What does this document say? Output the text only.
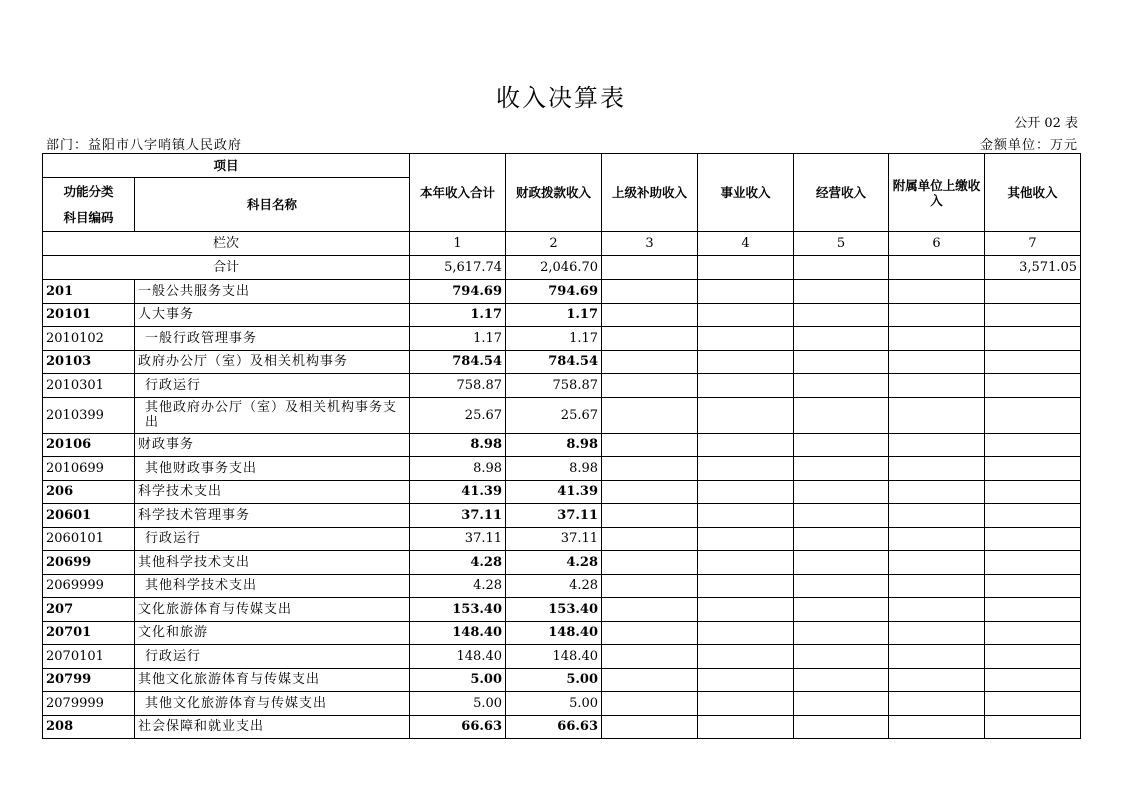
收入决算表
公开 02 表
部门：益阳市八字哨镇人民政府	金额单位：万元
项目		本年收入合计	财政拨款收入	上级补助收入	事业收入	经营收入	附属单位上缴收入	其他收入
功能分类
科目编码	科目名称							
栏次		1	2	3	4	5	6	7
合计		5,617.74	2,046.70					3,571.05
201	一般公共服务支出	794.69	794.69					
20101	人大事务	1.17	1.17					
2010102	一般行政管理事务	1.17	1.17					
20103	政府办公厅（室）及相关机构事务	784.54	784.54					
2010301	行政运行	758.87	758.87					
2010399	其他政府办公厅（室）及相关机构事务支出	25.67	25.67					
20106	财政事务	8.98	8.98					
2010699	其他财政事务支出	8.98	8.98					
206	科学技术支出	41.39	41.39					
20601	科学技术管理事务	37.11	37.11					
2060101	行政运行	37.11	37.11					
20699	其他科学技术支出	4.28	4.28					
2069999	其他科学技术支出	4.28	4.28					
207	文化旅游体育与传媒支出	153.40	153.40					
20701	文化和旅游	148.40	148.40					
2070101	行政运行	148.40	148.40					
20799	其他文化旅游体育与传媒支出	5.00	5.00					
2079999	其他文化旅游体育与传媒支出	5.00	5.00					
208	社会保障和就业支出	66.63	66.63					
